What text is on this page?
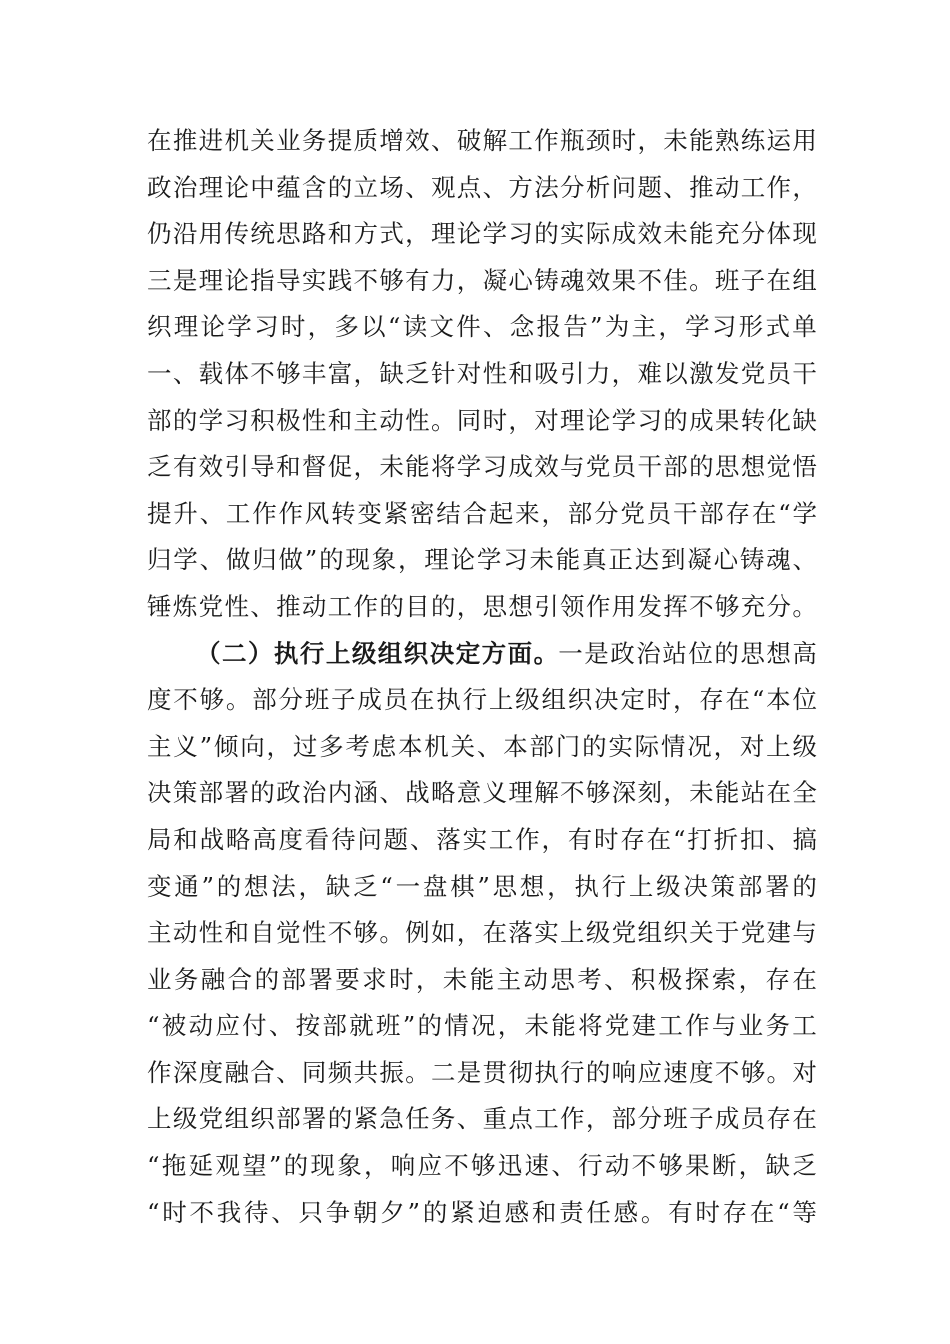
在 推 进 机 关 业 务 提 质 增 效 、 破 解 工 作 瓶 颈 时 ， 未 能 熟 练 运 用
政 治 理 论 中 蕴 含 的 立 场 、 观 点 、 方 法 分 析 问 题 、 推 动 工 作 ，
仍 沿 用 传 统 思 路 和 方 式 ， 理 论 学 习 的 实 际 成 效 未 能 充 分 体 现
三 是 理 论 指 导 实 践 不 够 有 力 ， 凝 心 铸 魂 效 果 不 佳 。 班 子 在 组
织 理 论 学 习 时 ， 多 以 “ 读 文 件 、 念 报 告 ” 为 主 ， 学 习 形 式 单
一 、 载 体 不 够 丰 富 ， 缺 乏 针 对 性 和 吸 引 力 ， 难 以 激 发 党 员 干
部 的 学 习 积 极 性 和 主 动 性 。 同 时 ， 对 理 论 学 习 的 成 果 转 化 缺
乏 有 效 引 导 和 督 促 ， 未 能 将 学 习 成 效 与 党 员 干 部 的 思 想 觉 悟
提 升 、 工 作 作 风 转 变 紧 密 结 合 起 来 ， 部 分 党 员 干 部 存 在 “ 学
归 学 、 做 归 做 ” 的 现 象 ， 理 论 学 习 未 能 真 正 达 到 凝 心 铸 魂 、
锤 炼 党 性 、 推 动 工 作 的 目 的 ， 思 想 引 领 作 用 发 挥 不 够 充 分 。
（ 二 ） 执 行 上 级 组 织 决 定 方 面 。 一 是 政 治 站 位 的 思 想 高
度 不 够 。 部 分 班 子 成 员 在 执 行 上 级 组 织 决 定 时 ， 存 在 “ 本 位
主 义 ” 倾 向 ， 过 多 考 虑 本 机 关 、 本 部 门 的 实 际 情 况 ， 对 上 级
决 策 部 署 的 政 治 内 涵 、 战 略 意 义 理 解 不 够 深 刻 ， 未 能 站 在 全
局 和 战 略 高 度 看 待 问 题 、 落 实 工 作 ， 有 时 存 在 “ 打 折 扣 、 搞
变 通 ” 的 想 法 ， 缺 乏 “ 一 盘 棋 ” 思 想 ， 执 行 上 级 决 策 部 署 的
主 动 性 和 自 觉 性 不 够 。 例 如 ， 在 落 实 上 级 党 组 织 关 于 党 建 与
业 务 融 合 的 部 署 要 求 时 ， 未 能 主 动 思 考 、 积 极 探 索 ， 存 在
“ 被 动 应 付 、 按 部 就 班 ” 的 情 况 ， 未 能 将 党 建 工 作 与 业 务 工
作 深 度 融 合 、 同 频 共 振 。 二 是 贯 彻 执 行 的 响 应 速 度 不 够 。 对
上 级 党 组 织 部 署 的 紧 急 任 务 、 重 点 工 作 ， 部 分 班 子 成 员 存 在
“ 拖 延 观 望 ” 的 现 象 ， 响 应 不 够 迅 速 、 行 动 不 够 果 断 ， 缺 乏
“ 时 不 我 待 、 只 争 朝 夕 ” 的 紧 迫 感 和 责 任 感 。 有 时 存 在 “ 等
